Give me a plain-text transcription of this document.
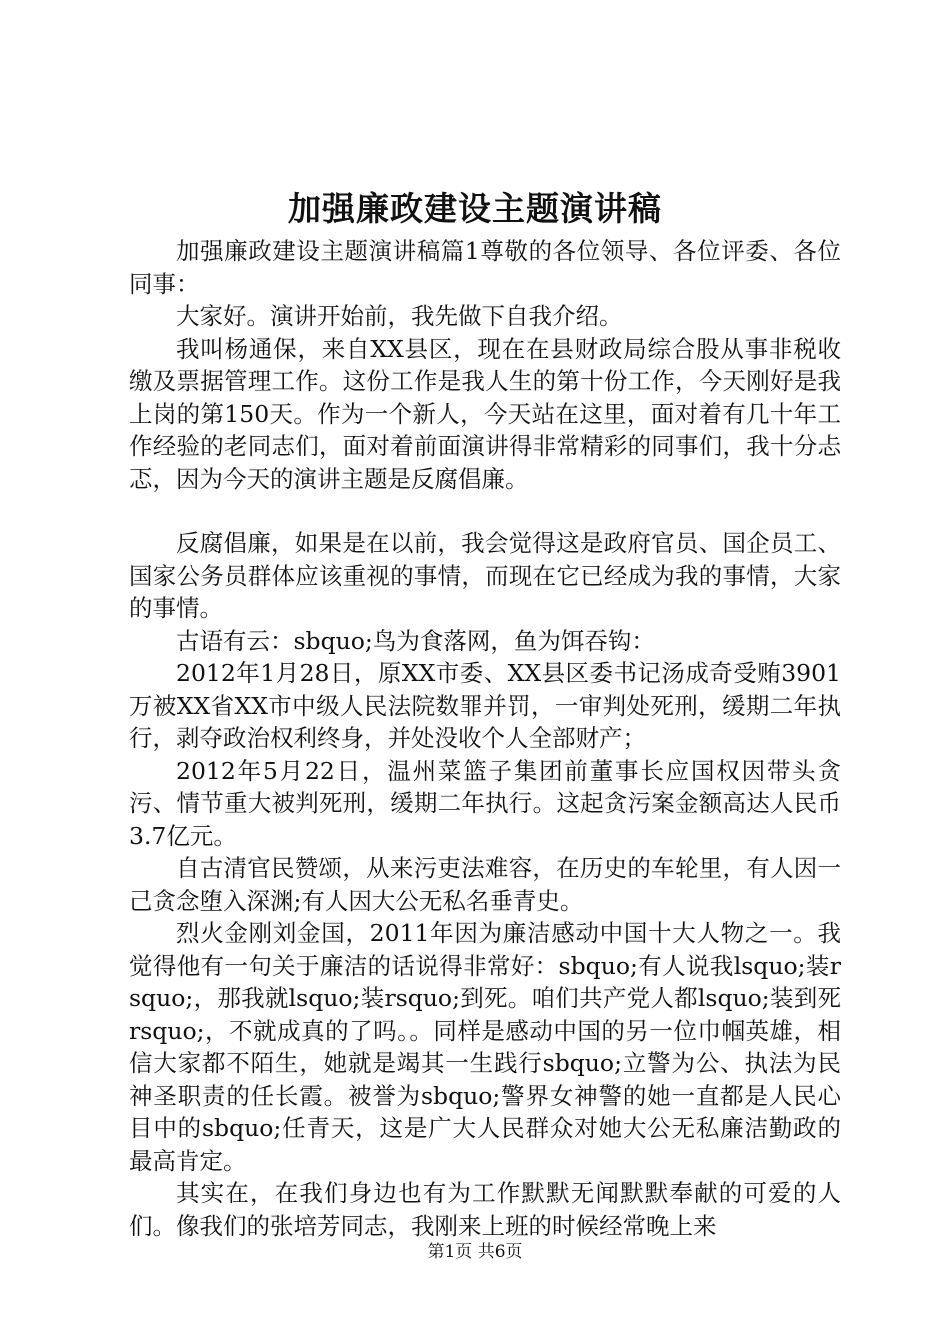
加强廉政建设主题演讲稿

加强廉政建设主题演讲稿篇1尊敬的各位领导、各位评委、各位同事：

大家好。演讲开始前，我先做下自我介绍。

我叫杨通保，来自XX县区，现在在县财政局综合股从事非税收缴及票据管理工作。这份工作是我人生的第十份工作，今天刚好是我上岗的第150天。作为一个新人，今天站在这里，面对着有几十年工作经验的老同志们，面对着前面演讲得非常精彩的同事们，我十分忐忑，因为今天的演讲主题是反腐倡廉。

反腐倡廉，如果是在以前，我会觉得这是政府官员、国企员工、国家公务员群体应该重视的事情，而现在它已经成为我的事情，大家的事情。

古语有云：sbquo;鸟为食落网，鱼为饵吞钩：

2012年1月28日，原XX市委、XX县区委书记汤成奇受贿3901万被XX省XX市中级人民法院数罪并罚，一审判处死刑，缓期二年执行，剥夺政治权利终身，并处没收个人全部财产；

2012年5月22日，温州菜篮子集团前董事长应国权因带头贪污、情节重大被判死刑，缓期二年执行。这起贪污案金额高达人民币3.7亿元。

自古清官民赞颂，从来污吏法难容，在历史的车轮里，有人因一己贪念堕入深渊;有人因大公无私名垂青史。

烈火金刚刘金国，2011年因为廉洁感动中国十大人物之一。我觉得他有一句关于廉洁的话说得非常好：sbquo;有人说我lsquo;装rsquo;，那我就lsquo;装rsquo;到死。咱们共产党人都lsquo;装到死rsquo;，不就成真的了吗。。同样是感动中国的另一位巾帼英雄，相信大家都不陌生，她就是竭其一生践行sbquo;立警为公、执法为民神圣职责的任长霞。被誉为sbquo;警界女神警的她一直都是人民心目中的sbquo;任青天，这是广大人民群众对她大公无私廉洁勤政的最高肯定。

其实在，在我们身边也有为工作默默无闻默默奉献的可爱的人们。像我们的张培芳同志，我刚来上班的时候经常晚上来

第1页 共6页
